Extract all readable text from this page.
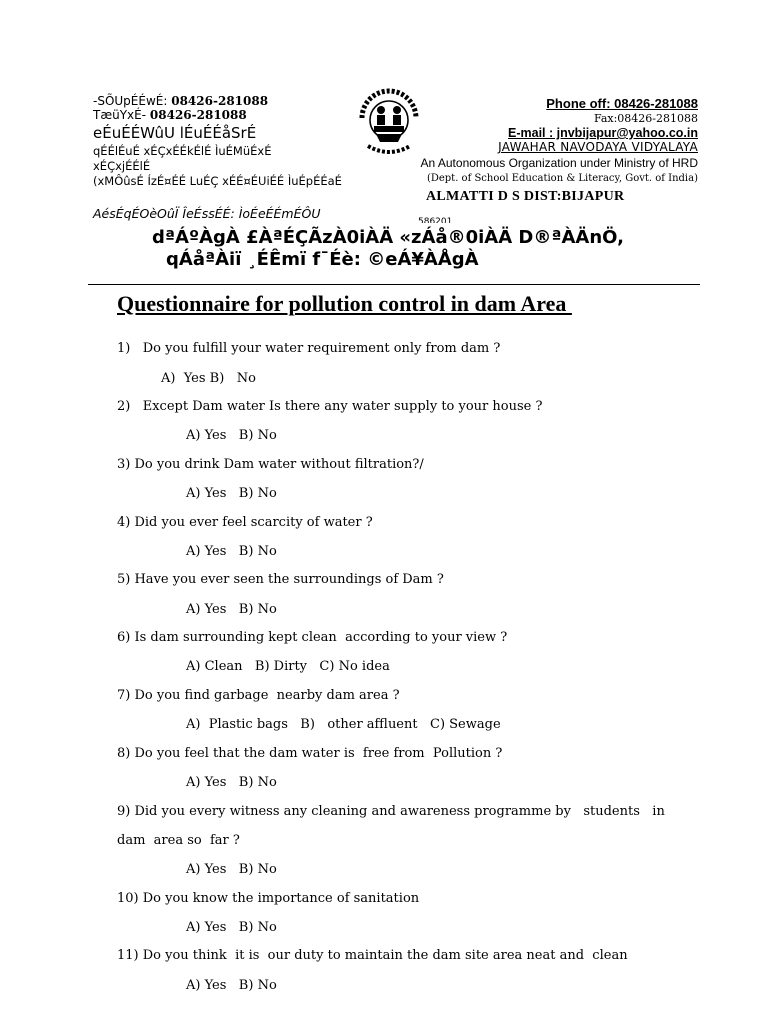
-SÕUpÉÉwÉ: 08426-281088
TæüYxÉ- 08426-281088
eÉuÉÉWûU lÉuÉÉåSrÉ
qÉÉlÉuÉ xÉÇxÉÉkÉlÉ ÌuÉMüÉxÉ
xÉÇxjÉÉlÉ
(xMÔûsÉ ÍzÉ¤ÉÉ LuÉÇ xÉÉ¤ÉUiÉÉ ÌuÉpÉÉaÉ
AésÉqÉOèOûÏ ÎeÉssÉÉ: ÌoÉeÉÉmÉÔU
586201
Phone off: 08426-281088
Fax:08426-281088
E-mail : jnvbijapur@yahoo.co.in
JAWAHAR NAVODAYA VIDYALAYA
An Autonomous Organization under Ministry of HRD
(Dept. of School Education & Literacy, Govt. of India)
ALMATTI D S DIST:BIJAPUR
dªÁºÀgÀ £ÀªÉÇÃzÀ0iÀÄ «zÁå®0iÀÄ D®ªÀÄnÖ,
qÁåªÀiï ¸ÉÊmï f¯Éè: ©eÁ¥ÀÅgÀ
Questionnaire for pollution control in dam Area
1)   Do you fulfill your water requirement only from dam ?
A)  Yes B)   No
2)   Except Dam water Is there any water supply to your house ?
A) Yes   B) No
3) Do you drink Dam water without filtration?/
A) Yes   B) No
4) Did you ever feel scarcity of water ?
A) Yes   B) No
5) Have you ever seen the surroundings of Dam ?
A) Yes   B) No
6) Is dam surrounding kept clean  according to your view ?
A) Clean   B) Dirty   C) No idea
7) Do you find garbage  nearby dam area ?
A)  Plastic bags   B)   other affluent   C) Sewage
8) Do you feel that the dam water is  free from  Pollution ?
A) Yes   B) No
9) Did you every witness any cleaning and awareness programme by   students   in
dam  area so  far ?
A) Yes   B) No
10) Do you know the importance of sanitation
A) Yes   B) No
11) Do you think  it is  our duty to maintain the dam site area neat and  clean
A) Yes   B) No
